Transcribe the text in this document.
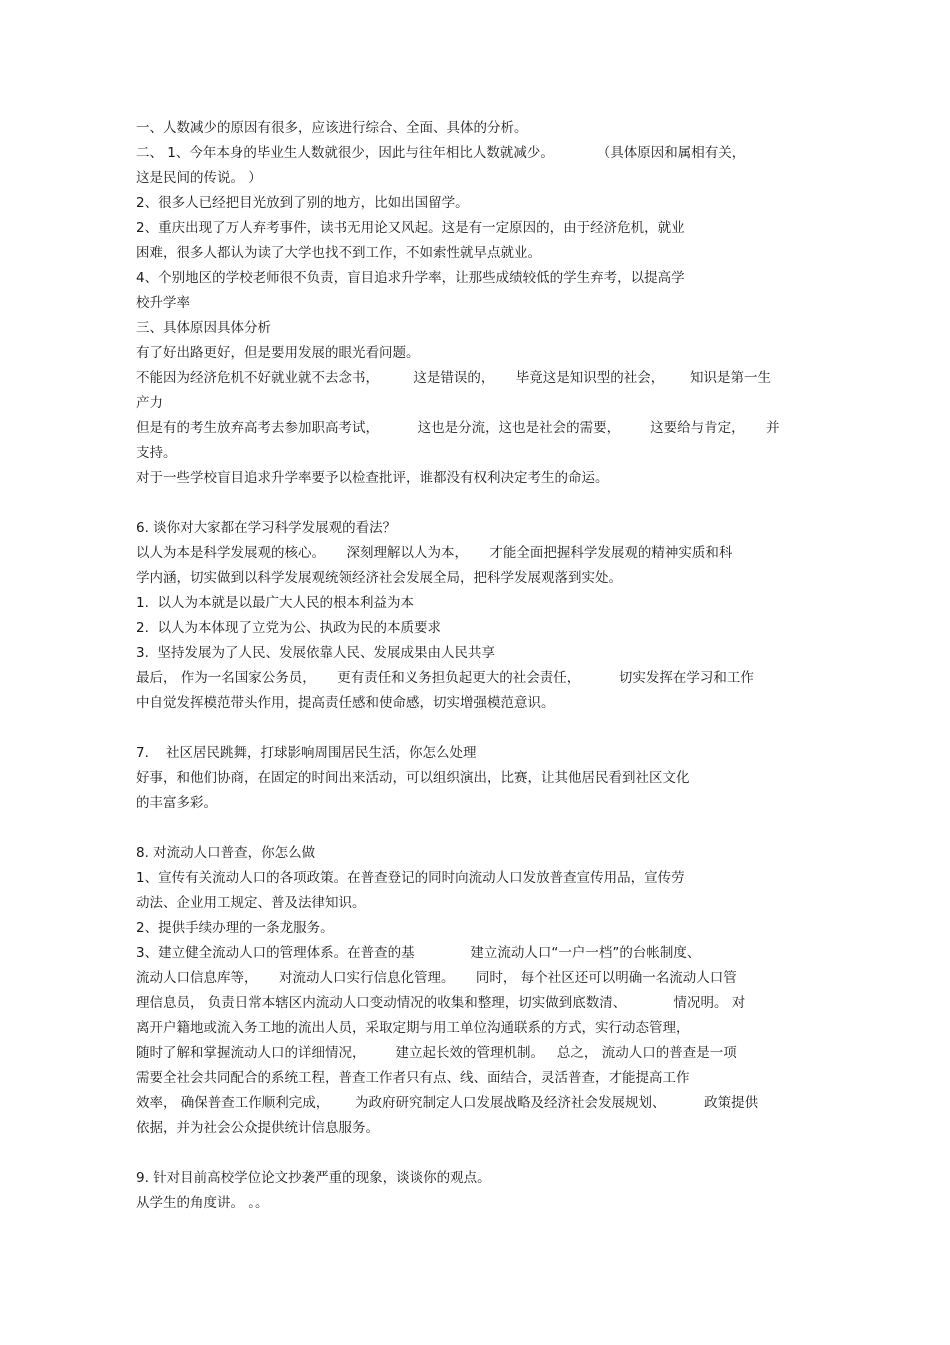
一、人数减少的原因有很多，应该进行综合、全面、具体的分析。

二、 1、今年本身的毕业生人数就很少，因此与往年相比人数就减少。          （具体原因和属相有关，

这是民间的传说。 ）

2、很多人已经把目光放到了别的地方，比如出国留学。

2、重庆出现了万人弃考事件，读书无用论又风起。这是有一定原因的，由于经济危机，就业

困难，很多人都认为读了大学也找不到工作，不如索性就早点就业。

4、个别地区的学校老师很不负责，盲目追求升学率，让那些成绩较低的学生弃考，以提高学

校升学率

三、具体原因具体分析

有了好出路更好，但是要用发展的眼光看问题。

不能因为经济危机不好就业就不去念书，        这是错误的，     毕竟这是知识型的社会，      知识是第一生

产力

但是有的考生放弃高考去参加职高考试，         这也是分流，这也是社会的需要，       这要给与肯定，     并

支持。

对于一些学校盲目追求升学率要予以检查批评，谁都没有权利决定考生的命运。

6. 谈你对大家都在学习科学发展观的看法？

以人为本是科学发展观的核心。     深刻理解以人为本，     才能全面把握科学发展观的精神实质和科

学内涵，切实做到以科学发展观统领经济社会发展全局，把科学发展观落到实处。

1.  以人为本就是以最广大人民的根本利益为本

2.  以人为本体现了立党为公、执政为民的本质要求

3.  坚持发展为了人民、发展依靠人民、发展成果由人民共享

最后， 作为一名国家公务员，     更有责任和义务担负起更大的社会责任，         切实发挥在学习和工作

中自觉发挥模范带头作用，提高责任感和使命感，切实增强模范意识。

7.    社区居民跳舞，打球影响周围居民生活，你怎么处理

好事，和他们协商，在固定的时间出来活动，可以组织演出，比赛，让其他居民看到社区文化

的丰富多彩。

8. 对流动人口普查，你怎么做

1、宣传有关流动人口的各项政策。在普查登记的同时向流动人口发放普查宣传用品，宣传劳

动法、企业用工规定、普及法律知识。

2、提供手续办理的一条龙服务。

3、建立健全流动人口的管理体系。在普查的基             建立流动人口“一户一档”的台帐制度、

流动人口信息库等，     对流动人口实行信息化管理。     同时， 每个社区还可以明确一名流动人口管

理信息员， 负责日常本辖区内流动人口变动情况的收集和整理，切实做到底数清、           情况明。 对

离开户籍地或流入务工地的流出人员，采取定期与用工单位沟通联系的方式，实行动态管理，

随时了解和掌握流动人口的详细情况，       建立起长效的管理机制。   总之， 流动人口的普查是一项

需要全社会共同配合的系统工程，普查工作者只有点、线、面结合，灵活普查，才能提高工作

效率， 确保普查工作顺利完成，      为政府研究制定人口发展战略及经济社会发展规划、         政策提供

依据，并为社会公众提供统计信息服务。

9. 针对目前高校学位论文抄袭严重的现象，谈谈你的观点。

从学生的角度讲。 。。
